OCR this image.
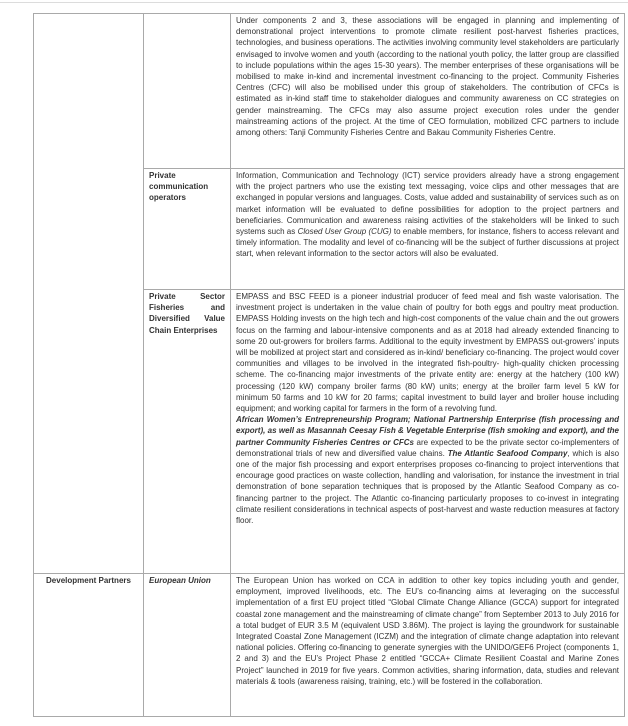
		Under components 2 and 3, these associations will be engaged in planning and implementing of demonstrational project interventions to promote climate resilient post-harvest fisheries practices, technologies, and business operations. The activities involving community level stakeholders are particularly envisaged to involve women and youth (according to the national youth policy, the latter group are classified to include populations within the ages 15-30 years). The member enterprises of these organisations will be mobilised to make in-kind and incremental investment co-financing to the project. Community Fisheries Centres (CFC) will also be mobilised under this group of stakeholders. The contribution of CFCs is estimated as in-kind staff time to stakeholder dialogues and community awareness on CC strategies on gender mainstreaming. The CFCs may also assume project execution roles under the gender mainstreaming actions of the project. At the time of CEO formulation, mobilized CFC partners to include among others: Tanji Community Fisheries Centre and Bakau Community Fisheries Centre.

	Private communication operators	Information, Communication and Technology (ICT) service providers already have a strong engagement with the project partners who use the existing text messaging, voice clips and other messages that are exchanged in popular versions and languages. Costs, value added and sustainability of services such as on market information will be evaluated to define possibilities for adoption to the project partners and beneficiaries. Communication and awareness raising activities of the stakeholders will be linked to such systems such as Closed User Group (CUG) to enable members, for instance, fishers to access relevant and timely information. The modality and level of co-financing will be the subject of further discussions at project start, when relevant information to the sector actors will also be evaluated.

	Private Sector Fisheries and Diversified Value Chain Enterprises	EMPASS and BSC FEED is a pioneer industrial producer of feed meal and fish waste valorisation. The investment project is undertaken in the value chain of poultry for both eggs and poultry meat production. EMPASS Holding invests on the high tech and high-cost components of the value chain and the out growers focus on the farming and labour-intensive components and as at 2018 had already extended financing to some 20 out-growers for broilers farms. Additional to the equity investment by EMPASS out-growers’ inputs will be mobilized at project start and considered as in-kind/ beneficiary co-financing. The project would cover communities and villages to be involved in the integrated fish-poultry- high-quality chicken processing scheme. The co-financing major investments of the private entity are: energy at the hatchery (100 kW) processing (120 kW) company broiler farms (80 kW) units; energy at the broiler farm level 5 kW for minimum 50 farms and 10 kW for 20 farms; capital investment to build layer and broiler house including equipment; and working capital for farmers in the form of a revolving fund.

African Women’s Entrepreneurship Program; National Partnership Enterprise (fish processing and export), as well as Masannah Ceesay Fish & Vegetable Enterprise (fish smoking and export), and the partner Community Fisheries Centres or CFCs are expected to be the private sector co-implementers of demonstrational trials of new and diversified value chains. The Atlantic Seafood Company, which is also one of the major fish processing and export enterprises proposes co-financing to project interventions that encourage good practices on waste collection, handling and valorisation, for instance the investment in trial demonstration of bone separation techniques that is proposed by the Atlantic Seafood Company as co-financing partner to the project. The Atlantic co-financing particularly proposes to co-invest in integrating climate resilient considerations in technical aspects of post-harvest and waste reduction measures at factory floor.

Development Partners	European Union	The European Union has worked on CCA in addition to other key topics including youth and gender, employment, improved livelihoods, etc. The EU’s co-financing aims at leveraging on the successful implementation of a first EU project titled “Global Climate Change Alliance (GCCA) support for integrated coastal zone management and the mainstreaming of climate change” from September 2013 to July 2016 for a total budget of EUR 3.5 M (equivalent USD 3.86M). The project is laying the groundwork for sustainable Integrated Coastal Zone Management (ICZM) and the integration of climate change adaptation into relevant national policies. Offering co-financing to generate synergies with the UNIDO/GEF6 Project (components 1, 2 and 3) and the EU’s Project Phase 2 entitled “GCCA+ Climate Resilient Coastal and Marine Zones Project” launched in 2019 for five years. Common activities, sharing information, data, studies and relevant materials & tools (awareness raising, training, etc.) will be fostered in the collaboration.
